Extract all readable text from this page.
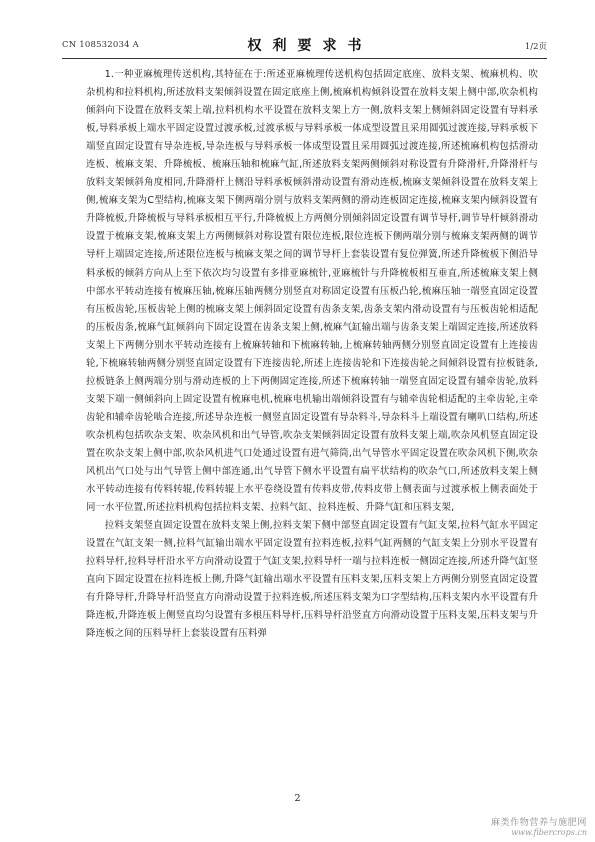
CN 108532034 A	权利要求书	1/2页

1.一种亚麻梳理传送机构,其特征在于:所述亚麻梳理传送机构包括固定底座、放料支架、梳麻机构、吹杂机构和拉料机构,所述放料支架倾斜设置在固定底座上侧,梳麻机构倾斜设置在放料支架上侧中部,吹杂机构倾斜向下设置在放料支架上端,拉料机构水平设置在放料支架上方一侧,放料支架上侧倾斜固定设置有导料承板,导料承板上端水平固定设置过渡承板,过渡承板与导料承板一体成型设置且采用圆弧过渡连接,导料承板下端竖直固定设置有导杂连板,导杂连板与导料承板一体成型设置且采用圆弧过渡连接,所述梳麻机构包括滑动连板、梳麻支架、升降梳板、梳麻压轴和梳麻气缸,所述放料支架两侧倾斜对称设置有升降滑杆,升降滑杆与放料支架倾斜角度相同,升降滑杆上侧沿导料承板倾斜滑动设置有滑动连板,梳麻支架倾斜设置在放料支架上侧,梳麻支架为C型结构,梳麻支架下侧两端分别与放料支架两侧的滑动连板固定连接,梳麻支架内倾斜设置有升降梳板,升降梳板与导料承板相互平行,升降梳板上方两侧分别倾斜固定设置有调节导杆,调节导杆倾斜滑动设置于梳麻支架,梳麻支架上方两侧倾斜对称设置有限位连板,限位连板下侧两端分别与梳麻支架两侧的调节导杆上端固定连接,所述限位连板与梳麻支架之间的调节导杆上套装设置有复位弹簧,所述升降梳板下侧沿导料承板的倾斜方向从上至下依次均匀设置有多排亚麻梳针,亚麻梳针与升降梳板相互垂直,所述梳麻支架上侧中部水平转动连接有梳麻压轴,梳麻压轴两侧分别竖直对称固定设置有压板凸轮,梳麻压轴一端竖直固定设置有压板齿轮,压板齿轮上侧的梳麻支架上倾斜固定设置有齿条支架,齿条支架内滑动设置有与压板齿轮相适配的压板齿条,梳麻气缸倾斜向下固定设置在齿条支架上侧,梳麻气缸输出端与齿条支架上端固定连接,所述放料支架上下两侧分别水平转动连接有上梳麻转轴和下梳麻转轴,上梳麻转轴两侧分别竖直固定设置有上连接齿轮,下梳麻转轴两侧分别竖直固定设置有下连接齿轮,所述上连接齿轮和下连接齿轮之间倾斜设置有拉板链条,拉板链条上侧两端分别与滑动连板的上下两侧固定连接,所述下梳麻转轴一端竖直固定设置有辅牵齿轮,放料支架下端一侧倾斜向上固定设置有梳麻电机,梳麻电机输出端倾斜设置有与辅牵齿轮相适配的主牵齿轮,主牵齿轮和辅牵齿轮啮合连接,所述导杂连板一侧竖直固定设置有导杂料斗,导杂料斗上端设置有喇叭口结构,所述吹杂机构包括吹杂支架、吹杂风机和出气导管,吹杂支架倾斜固定设置有放料支架上端,吹杂风机竖直固定设置在吹杂支架上侧中部,吹杂风机进气口处通过设置有进气筛筒,出气导管水平固定设置在吹杂风机下侧,吹杂风机出气口处与出气导管上侧中部连通,出气导管下侧水平设置有扁平状结构的吹杂气口,所述放料支架上侧水平转动连接有传料转辊,传料转辊上水平卷绕设置有传料皮带,传料皮带上侧表面与过渡承板上侧表面处于同一水平位置,所述拉料机构包括拉料支架、拉料气缸、拉料连板、升降气缸和压料支架,

拉料支架竖直固定设置在放料支架上侧,拉料支架下侧中部竖直固定设置有气缸支架,拉料气缸水平固定设置在气缸支架一侧,拉料气缸输出端水平固定设置有拉料连板,拉料气缸两侧的气缸支架上分别水平设置有拉料导杆,拉料导杆沿水平方向滑动设置于气缸支架,拉料导杆一端与拉料连板一侧固定连接,所述升降气缸竖直向下固定设置在拉料连板上侧,升降气缸输出端水平设置有压料支架,压料支架上方两侧分别竖直固定设置有升降导杆,升降导杆沿竖直方向滑动设置于拉料连板,所述压料支架为口字型结构,压料支架内水平设置有升降连板,升降连板上侧竖直均匀设置有多根压料导杆,压料导杆沿竖直方向滑动设置于压料支架,压料支架与升降连板之间的压料导杆上套装设置有压料弹

2
麻类作物营养与施肥网
www.fibercrops.cn
